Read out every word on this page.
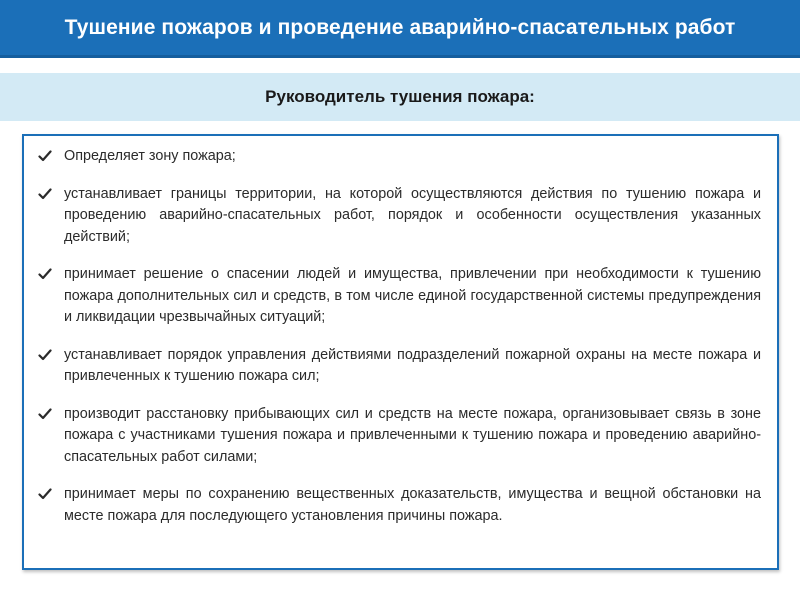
Тушение пожаров и проведение аварийно-спасательных работ
Руководитель тушения пожара:
Определяет зону пожара;
устанавливает границы территории, на которой осуществляются действия по тушению пожара и проведению аварийно-спасательных работ, порядок и особенности осуществления указанных действий;
принимает решение о спасении людей и имущества, привлечении при необходимости к тушению пожара дополнительных сил и средств, в том числе единой государственной системы предупреждения и ликвидации чрезвычайных ситуаций;
устанавливает порядок управления действиями подразделений пожарной охраны на месте пожара и привлеченных к тушению пожара сил;
производит расстановку прибывающих сил и средств на месте пожара, организовывает связь в зоне пожара с участниками тушения пожара и привлеченными к тушению пожара и проведению аварийно-спасательных работ силами;
принимает меры по сохранению вещественных доказательств, имущества и вещной обстановки на месте пожара для последующего установления причины пожара.
